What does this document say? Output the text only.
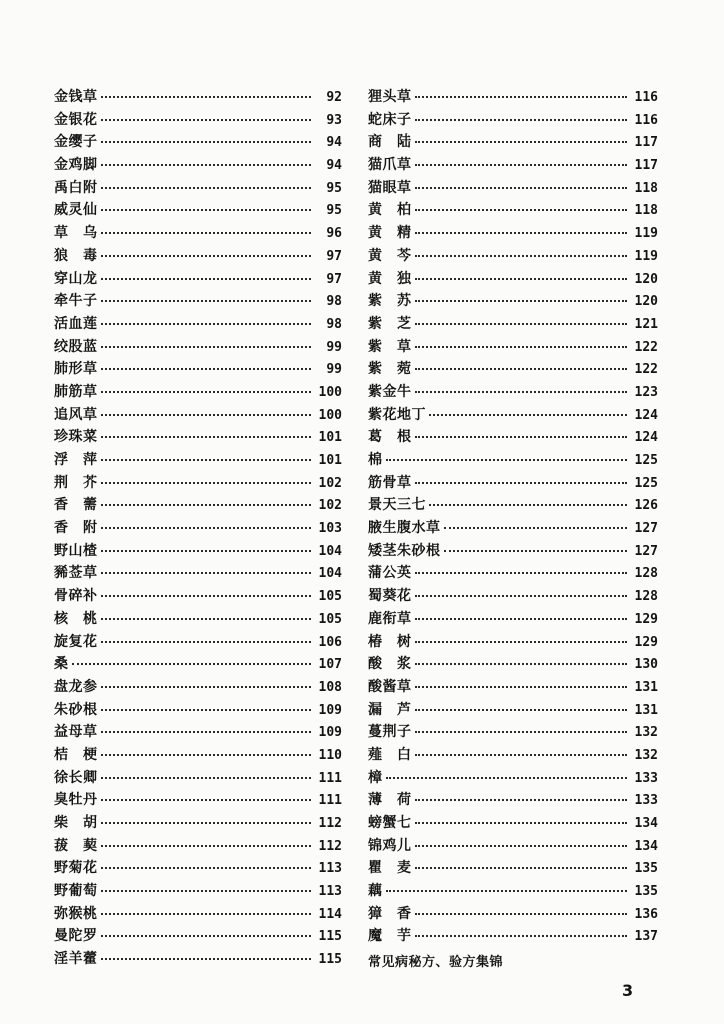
金钱草	92
金银花	93
金缨子	94
金鸡脚	94
禹白附	95
威灵仙	95
草　乌	96
狼　毒	97
穿山龙	97
牵牛子	98
活血莲	98
绞股蓝	99
肺形草	99
肺筋草	100
追风草	100
珍珠菜	101
浮　萍	101
荆　芥	102
香　薷	102
香　附	103
野山楂	104
豨莶草	104
骨碎补	105
核　桃	105
旋复花	106
桑	107
盘龙参	108
朱砂根	109
益母草	109
桔　梗	110
徐长卿	111
臭牡丹	111
柴　胡	112
菝　葜	112
野菊花	113
野葡萄	113
弥猴桃	114
曼陀罗	115
淫羊藿	115
狸头草	116
蛇床子	116
商　陆	117
猫爪草	117
猫眼草	118
黄　柏	118
黄　精	119
黄　芩	119
黄　独	120
紫　苏	120
紫　芝	121
紫　草	122
紫　菀	122
紫金牛	123
紫花地丁	124
葛　根	124
棉	125
筋骨草	125
景天三七	126
腋生腹水草	127
矮茎朱砂根	127
蒲公英	128
蜀葵花	128
鹿衔草	129
椿　树	129
酸　浆	130
酸酱草	131
漏　芦	131
蔓荆子	132
薤　白	132
樟	133
薄　荷	133
螃蟹七	134
锦鸡儿	134
瞿　麦	135
藕	135
獐　香	136
魔　芋	137
常见病秘方、验方集锦
3
